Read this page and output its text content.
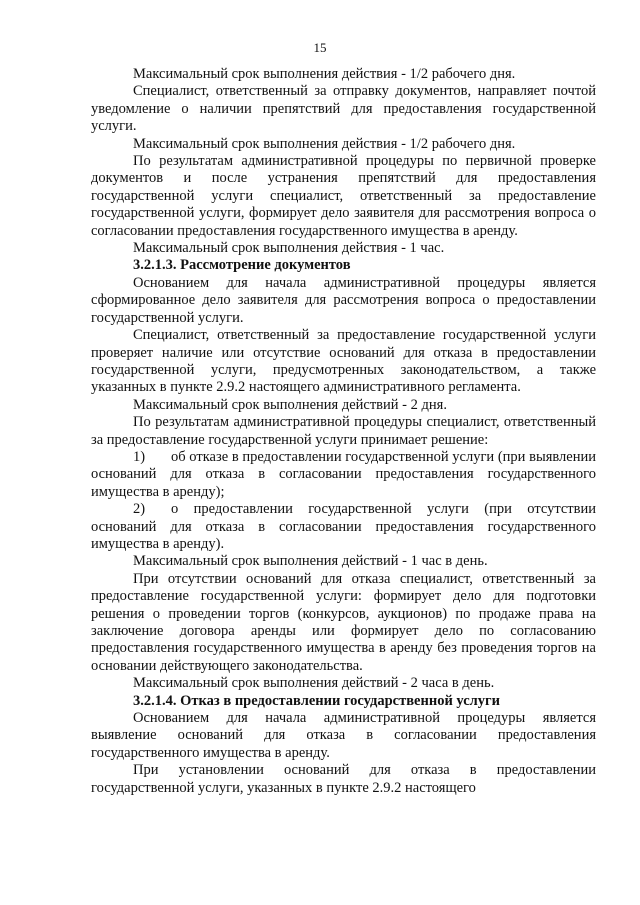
15

Максимальный срок выполнения действия - 1/2 рабочего дня.

Специалист, ответственный за отправку документов, направляет почтой уведомление о наличии препятствий для предоставления государственной услуги.

Максимальный срок выполнения действия - 1/2 рабочего дня.

По результатам административной процедуры по первичной проверке документов и после устранения препятствий для предоставления государственной услуги специалист, ответственный за предоставление государственной услуги, формирует дело заявителя для рассмотрения вопроса о согласовании предоставления государственного имущества в аренду.

Максимальный срок выполнения действия - 1 час.

3.2.1.3. Рассмотрение документов

Основанием для начала административной процедуры является сформированное дело заявителя для рассмотрения вопроса о предоставлении государственной услуги.

Специалист, ответственный за предоставление государственной услуги проверяет наличие или отсутствие оснований для отказа в предоставлении государственной услуги, предусмотренных законодательством, а также указанных в пункте 2.9.2 настоящего административного регламента.

Максимальный срок выполнения действий - 2 дня.

По результатам административной процедуры специалист, ответственный за предоставление государственной услуги принимает решение:

1) об отказе в предоставлении государственной услуги (при выявлении оснований для отказа в согласовании предоставления государственного имущества в аренду);

2) о предоставлении государственной услуги (при отсутствии оснований для отказа в согласовании предоставления государственного имущества в аренду).

Максимальный срок выполнения действий - 1 час в день.

При отсутствии оснований для отказа специалист, ответственный за предоставление государственной услуги: формирует дело для подготовки решения о проведении торгов (конкурсов, аукционов) по продаже права на заключение договора аренды или формирует дело по согласованию предоставления государственного имущества в аренду без проведения торгов на основании действующего законодательства.

Максимальный срок выполнения действий - 2 часа в день.

3.2.1.4. Отказ в предоставлении государственной услуги

Основанием для начала административной процедуры является выявление оснований для отказа в согласовании предоставления государственного имущества в аренду.

При установлении оснований для отказа в предоставлении государственной услуги, указанных в пункте 2.9.2 настоящего
